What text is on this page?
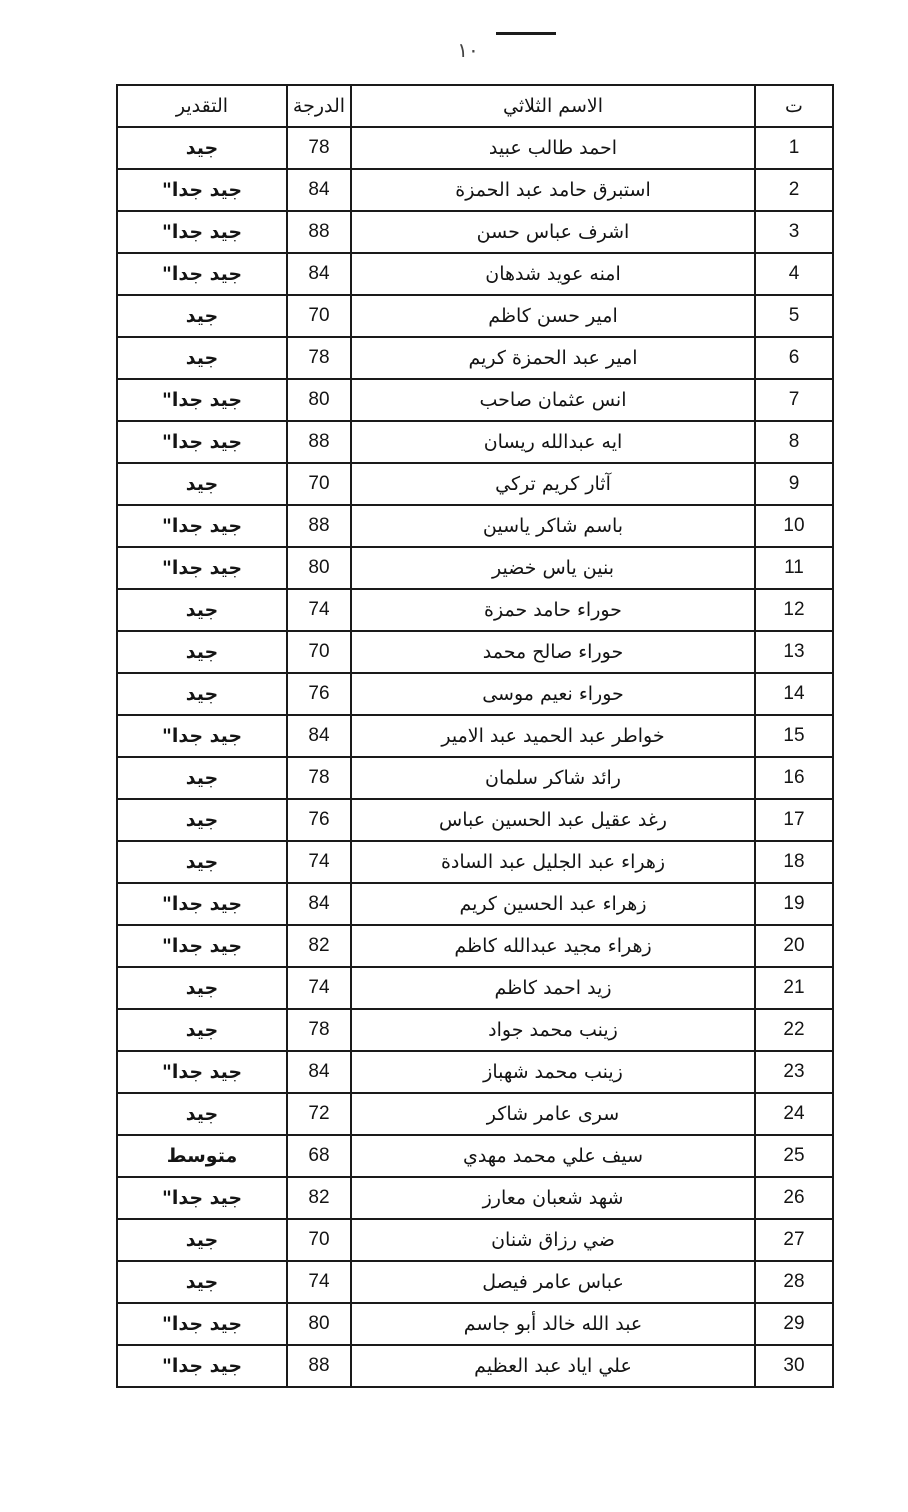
١٠
ت	الاسم الثلاثي	الدرجة	التقدير
1	احمد طالب عبيد	78	جيد
2	استبرق حامد عبد الحمزة	84	جيد جدا"
3	اشرف عباس حسن	88	جيد جدا"
4	امنه عويد شدهان	84	جيد جدا"
5	امير حسن كاظم	70	جيد
6	امير عبد الحمزة كريم	78	جيد
7	انس عثمان صاحب	80	جيد جدا"
8	ايه عبدالله ريسان	88	جيد جدا"
9	آثار كريم تركي	70	جيد
10	باسم شاكر ياسين	88	جيد جدا"
11	بنين ياس خضير	80	جيد جدا"
12	حوراء حامد حمزة	74	جيد
13	حوراء صالح محمد	70	جيد
14	حوراء نعيم موسى	76	جيد
15	خواطر عبد الحميد عبد الامير	84	جيد جدا"
16	رائد شاكر سلمان	78	جيد
17	رغد عقيل عبد الحسين عباس	76	جيد
18	زهراء عبد الجليل عبد السادة	74	جيد
19	زهراء عبد الحسين كريم	84	جيد جدا"
20	زهراء مجيد عبدالله كاظم	82	جيد جدا"
21	زيد احمد كاظم	74	جيد
22	زينب محمد جواد	78	جيد
23	زينب محمد شهباز	84	جيد جدا"
24	سرى عامر شاكر	72	جيد
25	سيف علي محمد مهدي	68	متوسط
26	شهد شعبان معارز	82	جيد جدا"
27	ضي رزاق شنان	70	جيد
28	عباس عامر فيصل	74	جيد
29	عبد الله خالد أبو جاسم	80	جيد جدا"
30	علي اياد عبد العظيم	88	جيد جدا"
